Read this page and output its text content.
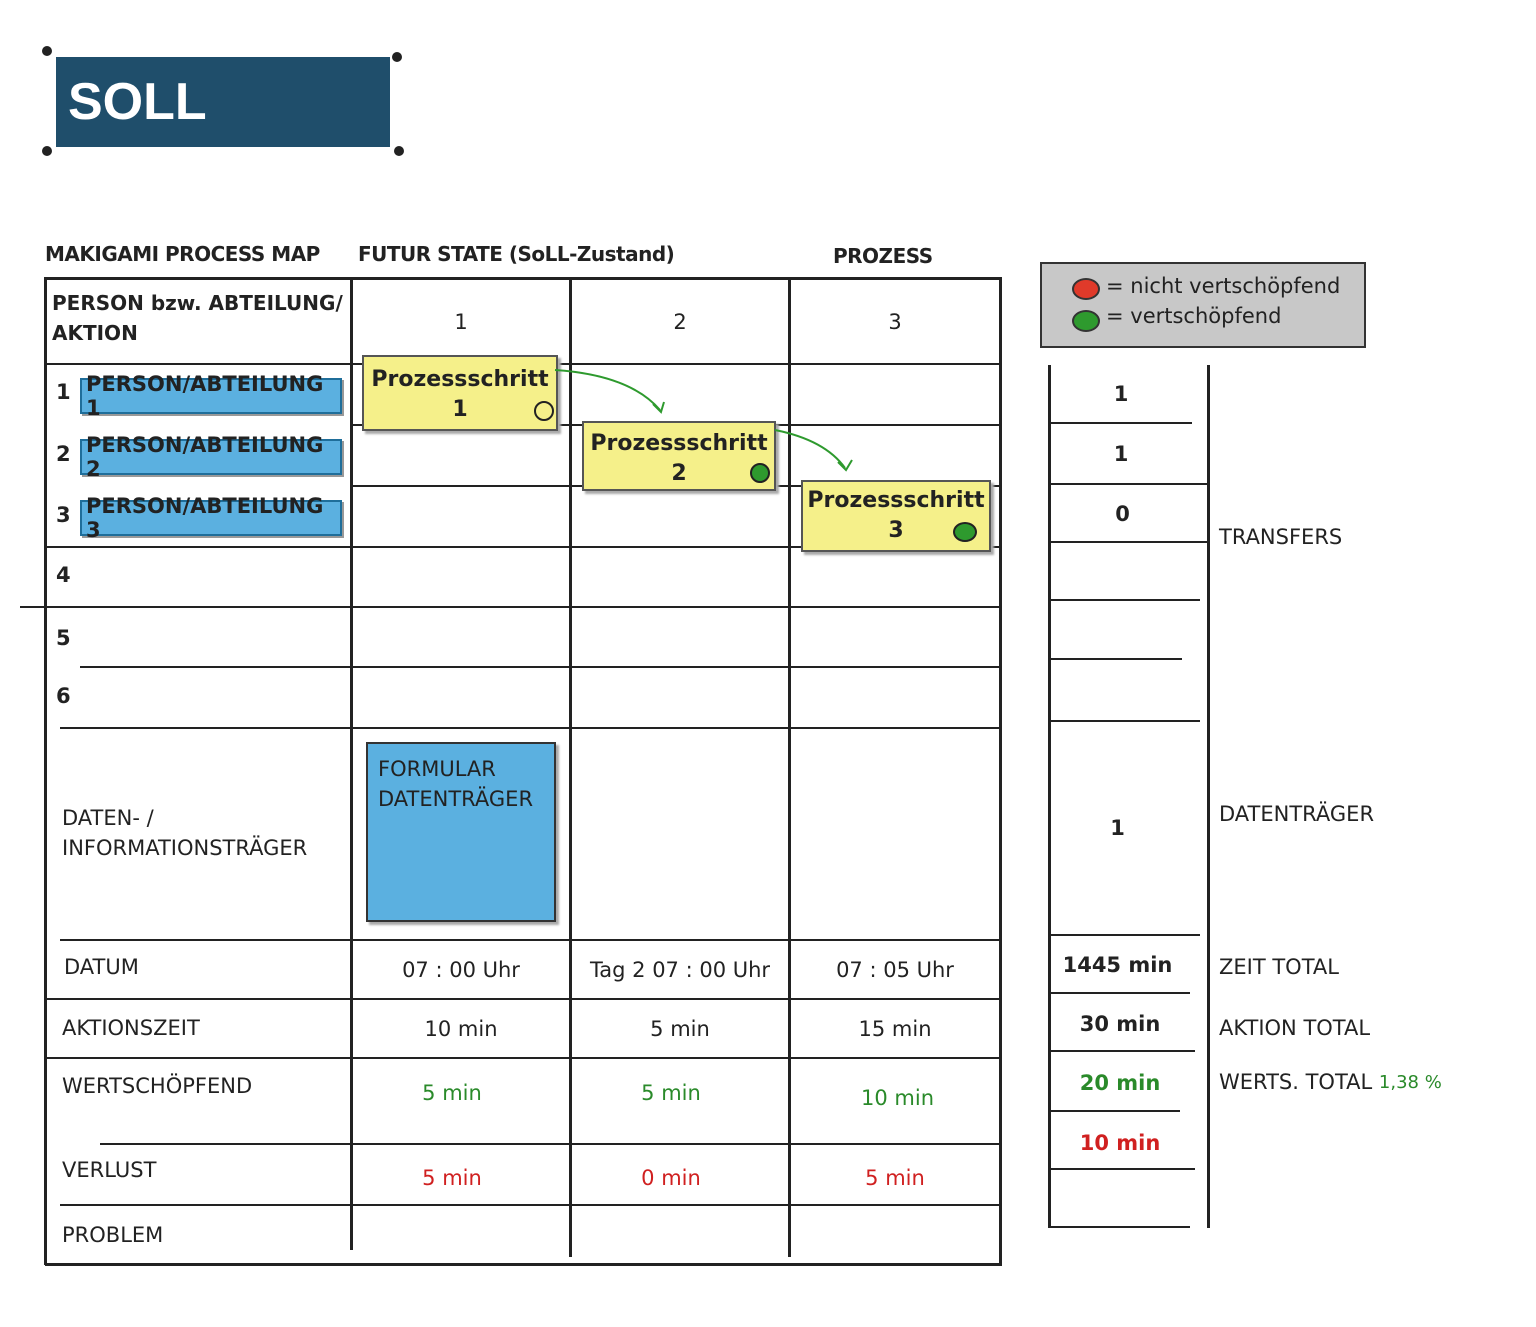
SOLL
MAKIGAMI PROCESS MAP FUTUR STATE (SoLL-Zustand)	PROZESS
= nicht vertschöpfend
= vertschöpfend
PERSON bzw. ABTEILUNG/ AKTION	1	2	3
1 PERSON/ABTEILUNG 1
2 PERSON/ABTEILUNG 2
3 PERSON/ABTEILUNG 3
4
5
6
Prozessschritt
1
Prozessschritt
2
Prozessschritt
3
DATEN- / INFORMATIONSTRÄGER
FORMULAR DATENTRÄGER
DATUM	07 : 00 Uhr	Tag 2 07 : 00 Uhr	07 : 05 Uhr
AKTIONSZEIT	10 min	5 min	15 min
WERTSCHÖPFEND	5 min	5 min	10 min
VERLUST	5 min	0 min	5 min
PROBLEM
1
1
0
TRANSFERS
1
DATENTRÄGER
1445 min	ZEIT TOTAL
30 min	AKTION TOTAL
20 min	WERTS. TOTAL
1,38 %
10 min
